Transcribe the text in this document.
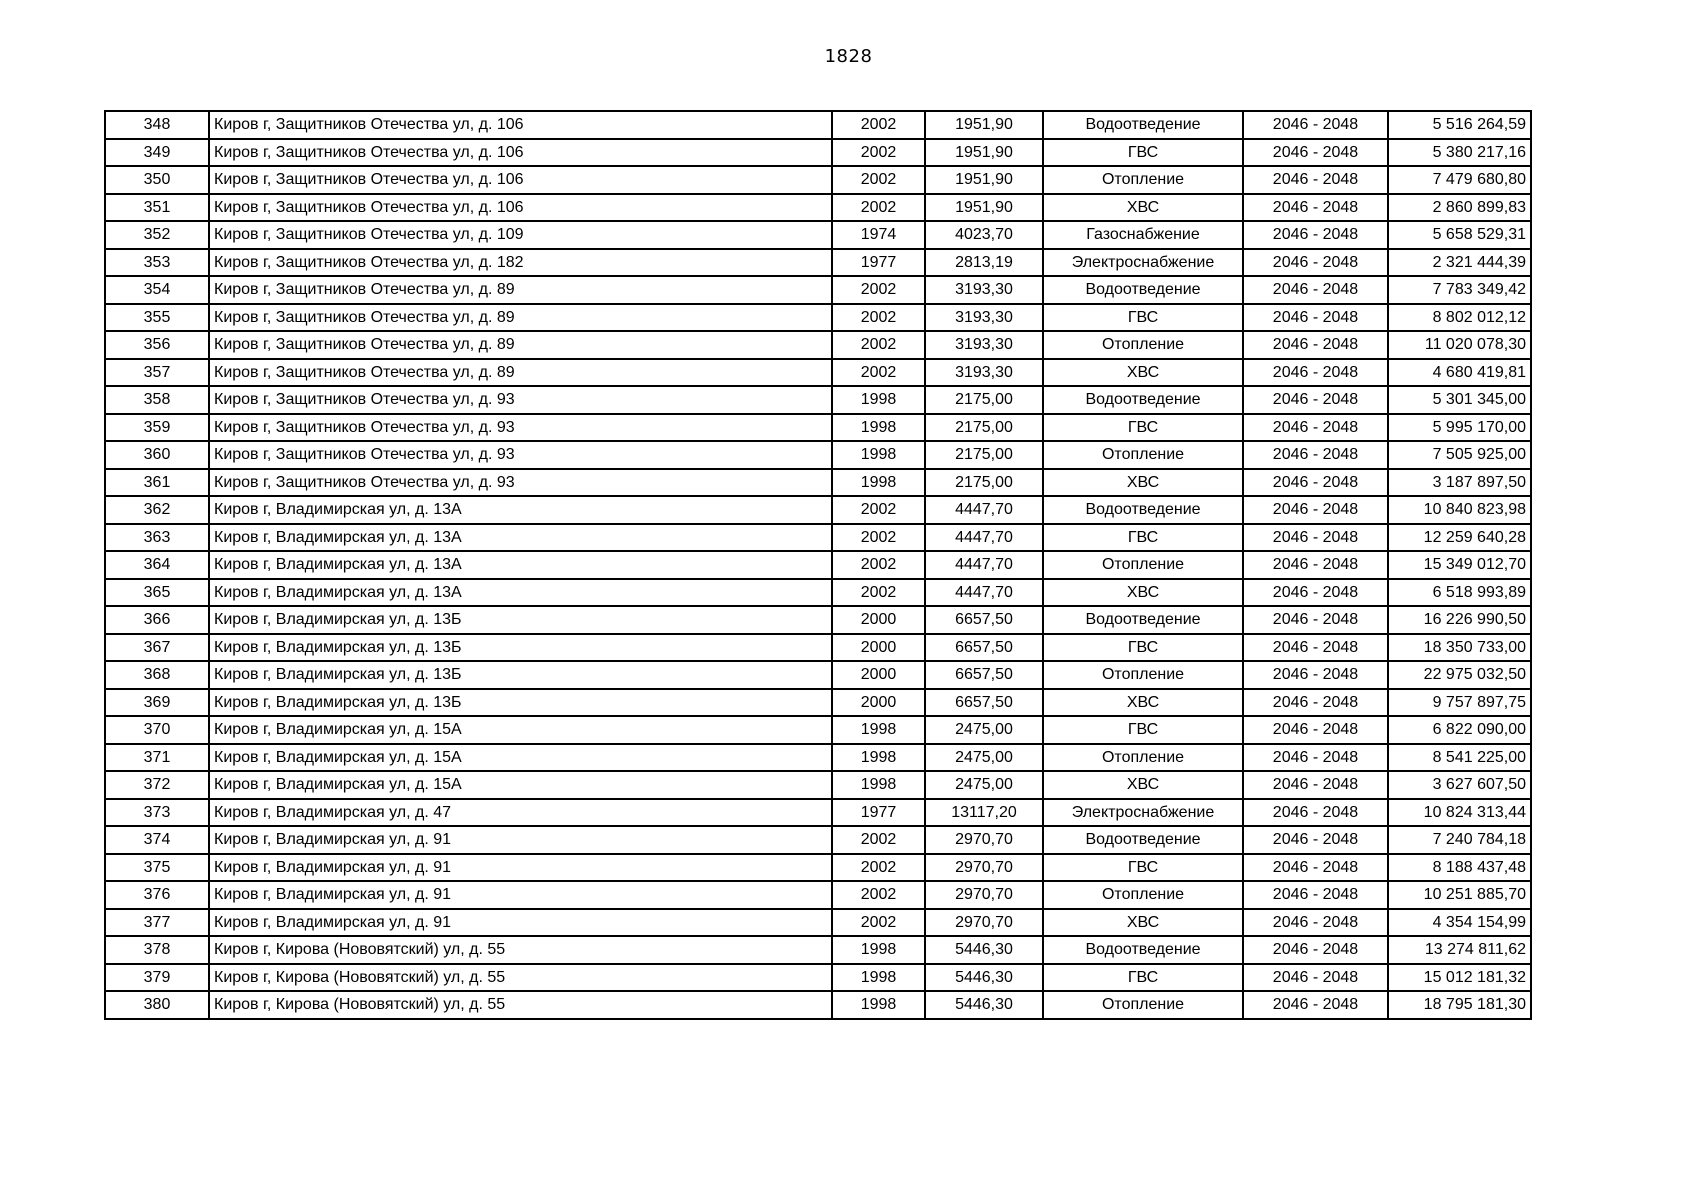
1828
348	Киров г, Защитников Отечества ул, д. 106	2002	1951,90	Водоотведение	2046 - 2048	5 516 264,59
349	Киров г, Защитников Отечества ул, д. 106	2002	1951,90	ГВС	2046 - 2048	5 380 217,16
350	Киров г, Защитников Отечества ул, д. 106	2002	1951,90	Отопление	2046 - 2048	7 479 680,80
351	Киров г, Защитников Отечества ул, д. 106	2002	1951,90	ХВС	2046 - 2048	2 860 899,83
352	Киров г, Защитников Отечества ул, д. 109	1974	4023,70	Газоснабжение	2046 - 2048	5 658 529,31
353	Киров г, Защитников Отечества ул, д. 182	1977	2813,19	Электроснабжение	2046 - 2048	2 321 444,39
354	Киров г, Защитников Отечества ул, д. 89	2002	3193,30	Водоотведение	2046 - 2048	7 783 349,42
355	Киров г, Защитников Отечества ул, д. 89	2002	3193,30	ГВС	2046 - 2048	8 802 012,12
356	Киров г, Защитников Отечества ул, д. 89	2002	3193,30	Отопление	2046 - 2048	11 020 078,30
357	Киров г, Защитников Отечества ул, д. 89	2002	3193,30	ХВС	2046 - 2048	4 680 419,81
358	Киров г, Защитников Отечества ул, д. 93	1998	2175,00	Водоотведение	2046 - 2048	5 301 345,00
359	Киров г, Защитников Отечества ул, д. 93	1998	2175,00	ГВС	2046 - 2048	5 995 170,00
360	Киров г, Защитников Отечества ул, д. 93	1998	2175,00	Отопление	2046 - 2048	7 505 925,00
361	Киров г, Защитников Отечества ул, д. 93	1998	2175,00	ХВС	2046 - 2048	3 187 897,50
362	Киров г, Владимирская ул, д. 13А	2002	4447,70	Водоотведение	2046 - 2048	10 840 823,98
363	Киров г, Владимирская ул, д. 13А	2002	4447,70	ГВС	2046 - 2048	12 259 640,28
364	Киров г, Владимирская ул, д. 13А	2002	4447,70	Отопление	2046 - 2048	15 349 012,70
365	Киров г, Владимирская ул, д. 13А	2002	4447,70	ХВС	2046 - 2048	6 518 993,89
366	Киров г, Владимирская ул, д. 13Б	2000	6657,50	Водоотведение	2046 - 2048	16 226 990,50
367	Киров г, Владимирская ул, д. 13Б	2000	6657,50	ГВС	2046 - 2048	18 350 733,00
368	Киров г, Владимирская ул, д. 13Б	2000	6657,50	Отопление	2046 - 2048	22 975 032,50
369	Киров г, Владимирская ул, д. 13Б	2000	6657,50	ХВС	2046 - 2048	9 757 897,75
370	Киров г, Владимирская ул, д. 15А	1998	2475,00	ГВС	2046 - 2048	6 822 090,00
371	Киров г, Владимирская ул, д. 15А	1998	2475,00	Отопление	2046 - 2048	8 541 225,00
372	Киров г, Владимирская ул, д. 15А	1998	2475,00	ХВС	2046 - 2048	3 627 607,50
373	Киров г, Владимирская ул, д. 47	1977	13117,20	Электроснабжение	2046 - 2048	10 824 313,44
374	Киров г, Владимирская ул, д. 91	2002	2970,70	Водоотведение	2046 - 2048	7 240 784,18
375	Киров г, Владимирская ул, д. 91	2002	2970,70	ГВС	2046 - 2048	8 188 437,48
376	Киров г, Владимирская ул, д. 91	2002	2970,70	Отопление	2046 - 2048	10 251 885,70
377	Киров г, Владимирская ул, д. 91	2002	2970,70	ХВС	2046 - 2048	4 354 154,99
378	Киров г, Кирова (Нововятский) ул, д. 55	1998	5446,30	Водоотведение	2046 - 2048	13 274 811,62
379	Киров г, Кирова (Нововятский) ул, д. 55	1998	5446,30	ГВС	2046 - 2048	15 012 181,32
380	Киров г, Кирова (Нововятский) ул, д. 55	1998	5446,30	Отопление	2046 - 2048	18 795 181,30
